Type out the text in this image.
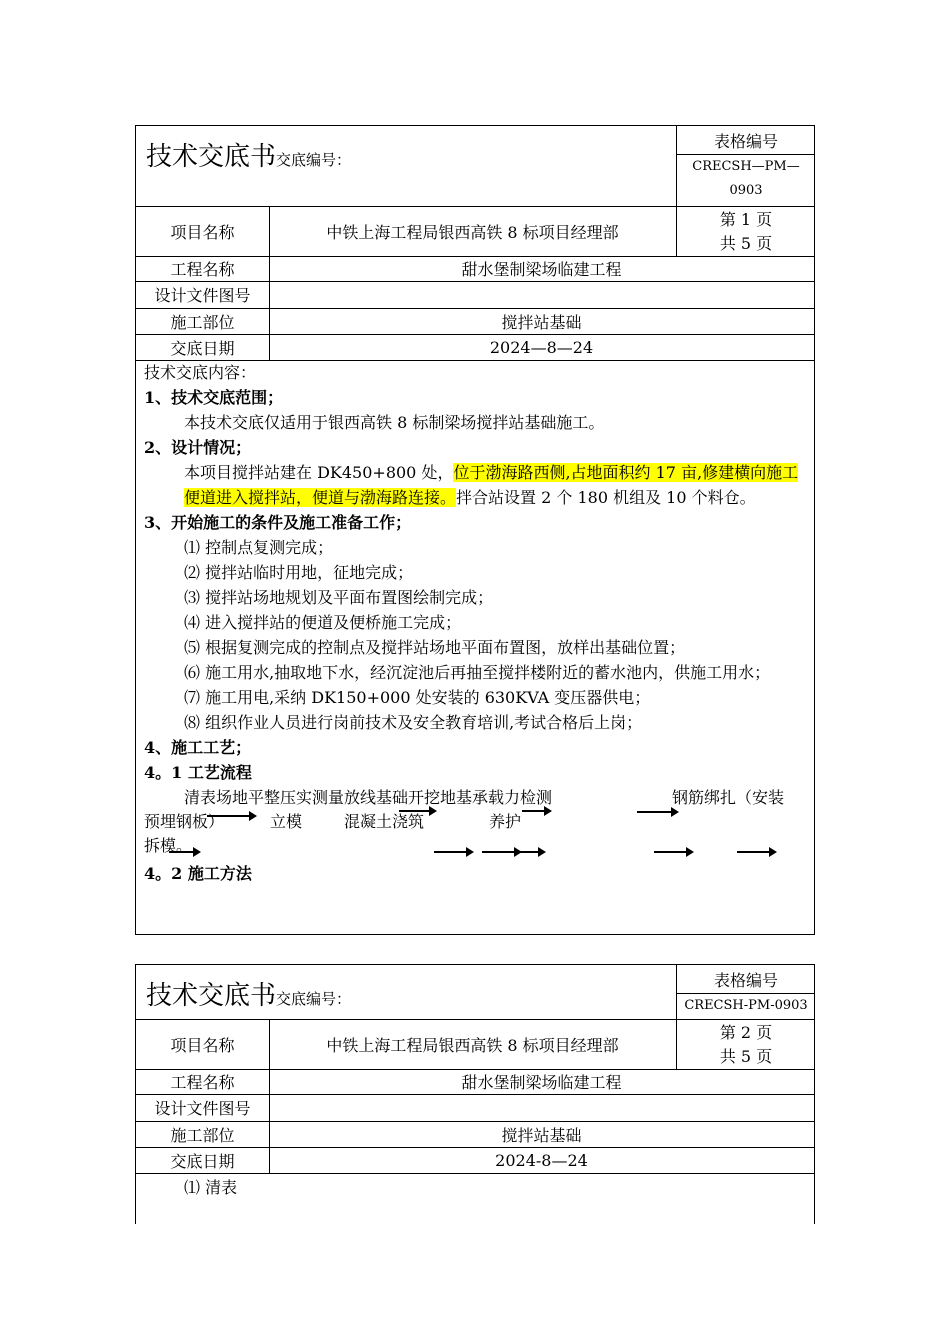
技术交底书交底编号：
表格编号
CRECSH—PM—
0903
项目名称	中铁上海工程局银西高铁 8 标项目经理部
第 1 页
共 5 页
工程名称	甜水堡制梁场临建工程
设计文件图号
施工部位	搅拌站基础
交底日期	2024—8—24

技术交底内容：

1、技术交底范围；

本技术交底仅适用于银西高铁 8 标制梁场搅拌站基础施工。

2、设计情况；

本项目搅拌站建在 DK450+800 处，位于渤海路西侧,占地面积约 17 亩,修建横向施工便道进入搅拌站，便道与渤海路连接。拌合站设置 2 个 180 机组及 10 个料仓。

3、开始施工的条件及施工准备工作；

⑴ 控制点复测完成；

⑵ 搅拌站临时用地，征地完成；

⑶ 搅拌站场地规划及平面布置图绘制完成；

⑷ 进入搅拌站的便道及便桥施工完成；

⑸ 根据复测完成的控制点及搅拌站场地平面布置图，放样出基础位置；

⑹ 施工用水,抽取地下水，经沉淀池后再抽至搅拌楼附近的蓄水池内，供施工用水；

⑺ 施工用电,采纳 DK150+000 处安装的 630KVA 变压器供电；

⑻ 组织作业人员进行岗前技术及安全教育培训,考试合格后上岗；

4、施工工艺；

4。1 工艺流程

清表场地平整压实测量放线基础开挖地基承载力检测	钢筋绑扎（安装
预埋钢板）	立模	混凝土浇筑	养护
拆模。

4。2 施工方法

技术交底书交底编号：
表格编号
CRECSH-PM-0903
项目名称	中铁上海工程局银西高铁 8 标项目经理部
第 2 页
共 5 页
工程名称	甜水堡制梁场临建工程
设计文件图号
施工部位	搅拌站基础
交底日期	2024-8—24

⑴ 清表
